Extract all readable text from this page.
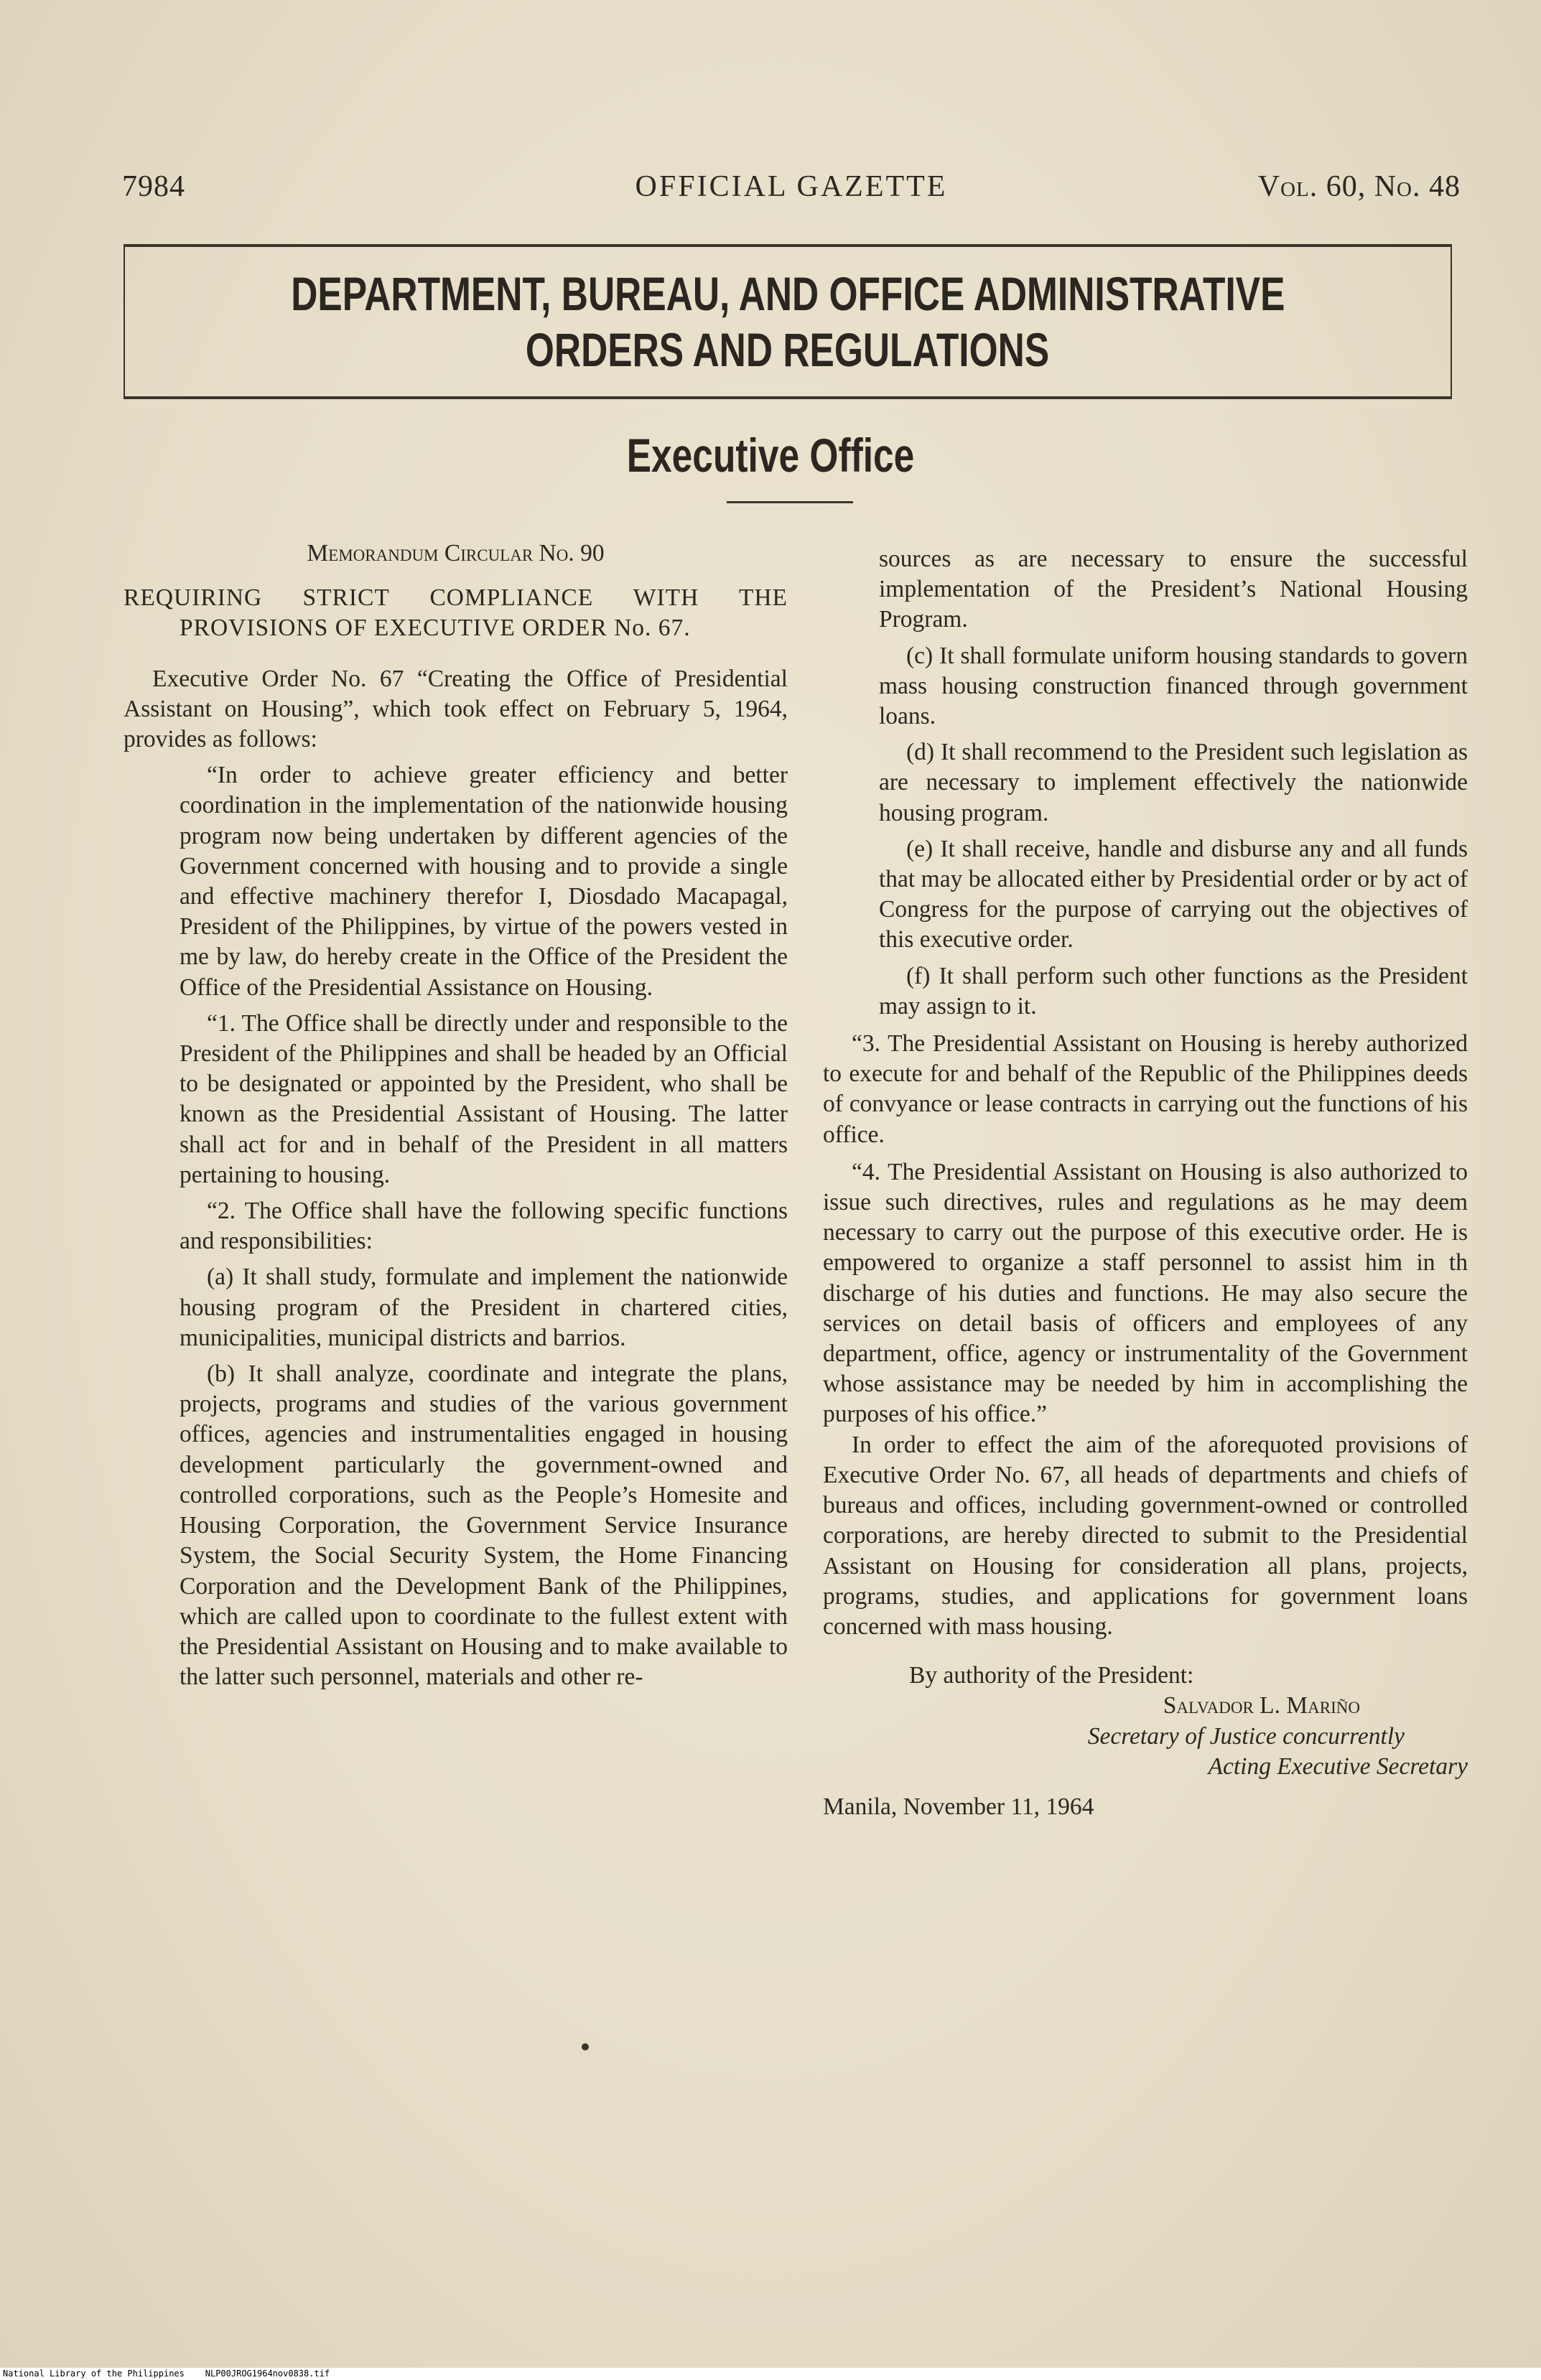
7984	OFFICIAL GAZETTE	Vol. 60, No. 48
DEPARTMENT, BUREAU, AND OFFICE ADMINISTRATIVE
ORDERS AND REGULATIONS
Executive Office

Memorandum Circular No. 90

REQUIRING STRICT COMPLIANCE WITH THE PROVISIONS OF EXECUTIVE ORDER No. 67.

Executive Order No. 67 “Creating the Office of Presidential Assistant on Housing”, which took effect on February 5, 1964, provides as follows:

“In order to achieve greater efficiency and better coordination in the implementation of the nationwide housing program now being undertaken by different agencies of the Government concerned with housing and to provide a single and effective machinery therefor I, Diosdado Macapagal, President of the Philippines, by virtue of the powers vested in me by law, do hereby create in the Office of the President the Office of the Presidential Assistance on Housing.

“1. The Office shall be directly under and responsible to the President of the Philippines and shall be headed by an Official to be designated or appointed by the President, who shall be known as the Presidential Assistant of Housing. The latter shall act for and in behalf of the President in all matters pertaining to housing.

“2. The Office shall have the following specific functions and responsibilities:

(a) It shall study, formulate and implement the nationwide housing program of the President in chartered cities, municipalities, municipal districts and barrios.

(b) It shall analyze, coordinate and integrate the plans, projects, programs and studies of the various government offices, agencies and instrumentalities engaged in housing development particularly the government-owned and controlled corporations, such as the People’s Homesite and Housing Corporation, the Government Service Insurance System, the Social Security System, the Home Financing Corporation and the Development Bank of the Philippines, which are called upon to coordinate to the fullest extent with the Presidential Assistant on Housing and to make available to the latter such personnel, materials and other re-

sources as are necessary to ensure the successful implementation of the President’s National Housing Program.

(c) It shall formulate uniform housing standards to govern mass housing construction financed through government loans.

(d) It shall recommend to the President such legislation as are necessary to implement effectively the nationwide housing program.

(e) It shall receive, handle and disburse any and all funds that may be allocated either by Presidential order or by act of Congress for the purpose of carrying out the objectives of this executive order.

(f) It shall perform such other functions as the President may assign to it.

“3. The Presidential Assistant on Housing is hereby authorized to execute for and behalf of the Republic of the Philippines deeds of convyance or lease contracts in carrying out the functions of his office.

“4. The Presidential Assistant on Housing is also authorized to issue such directives, rules and regulations as he may deem necessary to carry out the purpose of this executive order. He is empowered to organize a staff personnel to assist him in th discharge of his duties and functions. He may also secure the services on detail basis of officers and employees of any department, office, agency or instrumentality of the Government whose assistance may be needed by him in accomplishing the purposes of his office.”

In order to effect the aim of the aforequoted provisions of Executive Order No. 67, all heads of departments and chiefs of bureaus and offices, including government-owned or controlled corporations, are hereby directed to submit to the Presidential Assistant on Housing for consideration all plans, projects, programs, studies, and applications for government loans concerned with mass housing.

By authority of the President:

Salvador L. Mariño

Secretary of Justice concurrently

Acting Executive Secretary

Manila, November 11, 1964

National Library of the Philippines    NLP00JROG1964nov0838.tif
